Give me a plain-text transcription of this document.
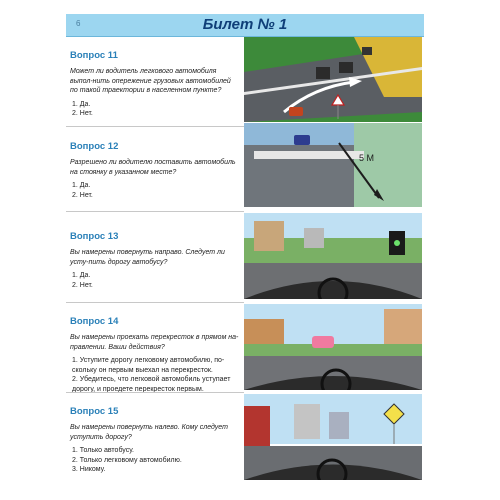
6	Билет № 1
Вопрос 11

Может ли водитель легкового автомобиля выпол-нить опережение грузовых автомобилей по такой траектории в населенном пункте?

1. Да.
2. Нет.
Вопрос 12

Разрешено ли водителю поставить автомобиль на стоянку в указанном месте?

1. Да.
2. Нет.
5 М
Вопрос 13

Вы намерены повернуть направо. Следует ли усту-пить дорогу автобусу?

1. Да.
2. Нет.
Вопрос 14

Вы намерены проехать перекресток в прямом на-правлении. Ваши действия?

1. Уступите дорогу легковому автомобилю, по-скольку он первым выехал на перекресток.
2. Убедитесь, что легковой автомобиль уступает дорогу, и проедете перекресток первым.
Вопрос 15

Вы намерены повернуть налево. Кому следует уступить дорогу?

1. Только автобусу.
2. Только легковому автомобилю.
3. Никому.
